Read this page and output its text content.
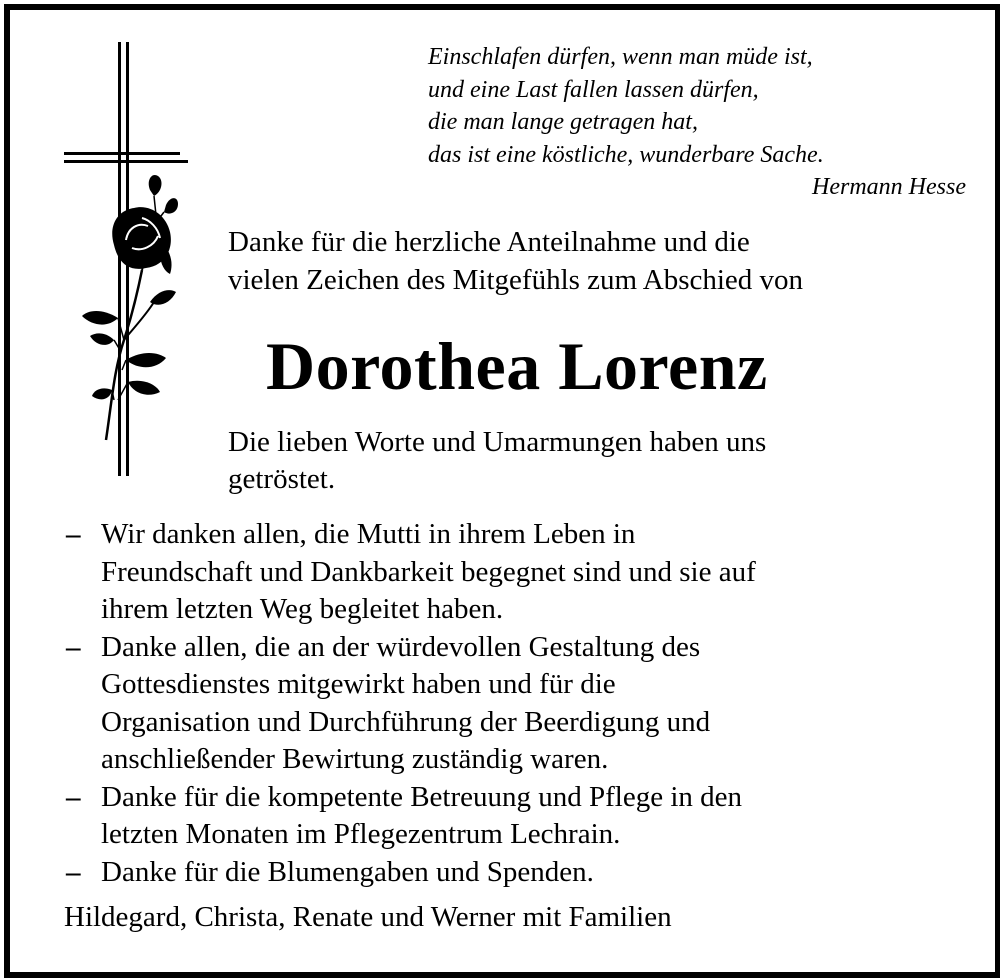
Einschlafen dürfen, wenn man müde ist,
und eine Last fallen lassen dürfen,
die man lange getragen hat,
das ist eine köstliche, wunderbare Sache.
Hermann Hesse
Danke für die herzliche Anteilnahme und die
vielen Zeichen des Mitgefühls zum Abschied von
Dorothea Lorenz
Die lieben Worte und Umarmungen haben uns
getröstet.
– Wir danken allen, die Mutti in ihrem Leben in
Freundschaft und Dankbarkeit begegnet sind und sie auf
ihrem letzten Weg begleitet haben.
– Danke allen, die an der würdevollen Gestaltung des
Gottesdienstes mitgewirkt haben und für die
Organisation und Durchführung der Beerdigung und
anschließender Bewirtung zuständig waren.
– Danke für die kompetente Betreuung und Pflege in den
letzten Monaten im Pflegezentrum Lechrain.
– Danke für die Blumengaben und Spenden.
Hildegard, Christa, Renate und Werner mit Familien
